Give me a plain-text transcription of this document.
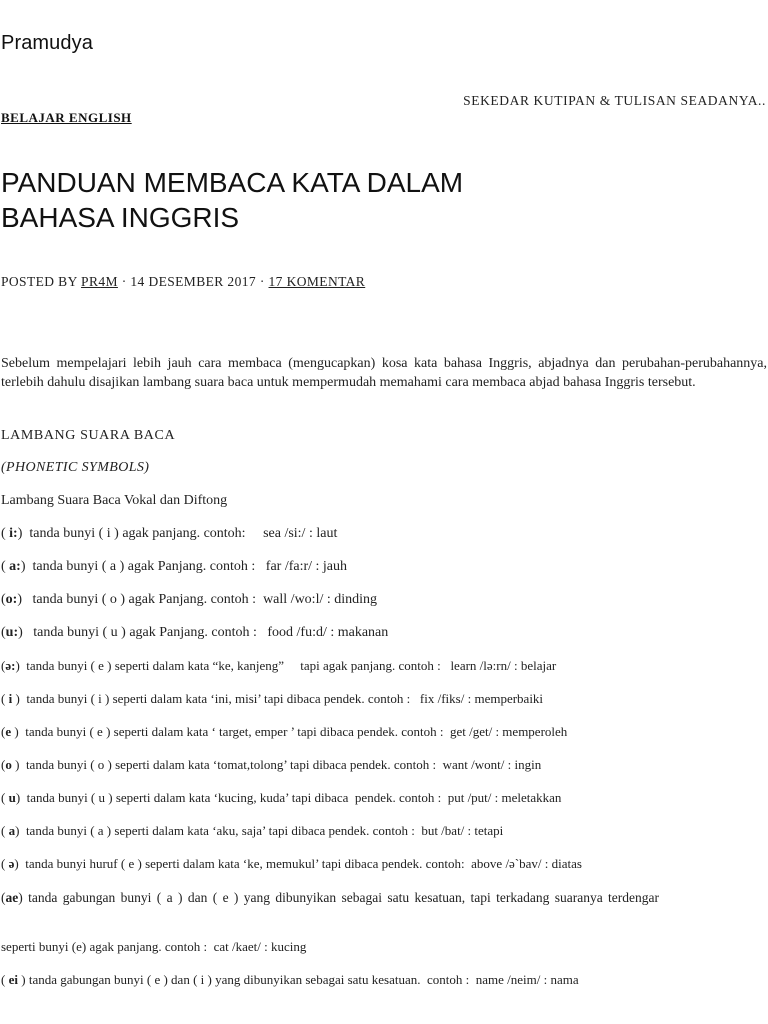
Pramudya
SEKEDAR KUTIPAN & TULISAN SEADANYA..
BELAJAR ENGLISH
PANDUAN MEMBACA KATA DALAM
BAHASA INGGRIS
POSTED BY PR4M · 14 DESEMBER 2017 · 17 KOMENTAR

Sebelum mempelajari lebih jauh cara membaca (mengucapkan) kosa kata bahasa Inggris, abjadnya dan perubahan-perubahannya, terlebih dahulu disajikan lambang suara baca untuk mempermudah memahami cara membaca abjad bahasa Inggris tersebut.

LAMBANG SUARA BACA

(PHONETIC SYMBOLS)

Lambang Suara Baca Vokal dan Diftong

( i:)  tanda bunyi ( i ) agak panjang. contoh:     sea /si:/ : laut

( a:)  tanda bunyi ( a ) agak Panjang. contoh :   far /fa:r/ : jauh

(o:)   tanda bunyi ( o ) agak Panjang. contoh :  wall /wo:l/ : dinding

(u:)   tanda bunyi ( u ) agak Panjang. contoh :   food /fu:d/ : makanan

(ə:)  tanda bunyi ( e ) seperti dalam kata “ke, kanjeng”     tapi agak panjang. contoh :   learn /lə:rn/ : belajar

( i )  tanda bunyi ( i ) seperti dalam kata ‘ini, misi’ tapi dibaca pendek. contoh :   fix /fiks/ : memperbaiki

(e )  tanda bunyi ( e ) seperti dalam kata ‘ target, emper ’ tapi dibaca pendek. contoh :  get /get/ : memperoleh

(o )  tanda bunyi ( o ) seperti dalam kata ‘tomat,tolong’ tapi dibaca pendek. contoh :  want /wont/ : ingin

( u)  tanda bunyi ( u ) seperti dalam kata ‘kucing, kuda’ tapi dibaca  pendek. contoh :  put /put/ : meletakkan

( a)  tanda bunyi ( a ) seperti dalam kata ‘aku, saja’ tapi dibaca pendek. contoh :  but /bat/ : tetapi

( ə)  tanda bunyi huruf ( e ) seperti dalam kata ‘ke, memukul’ tapi dibaca pendek. contoh:  above /əˋbav/ : diatas

(ae) tanda gabungan bunyi ( a ) dan ( e ) yang dibunyikan sebagai satu kesatuan, tapi terkadang suaranya terdengar

seperti bunyi (e) agak panjang. contoh :  cat /kaet/ : kucing

( ei ) tanda gabungan bunyi ( e ) dan ( i ) yang dibunyikan sebagai satu kesatuan.  contoh :  name /neim/ : nama
